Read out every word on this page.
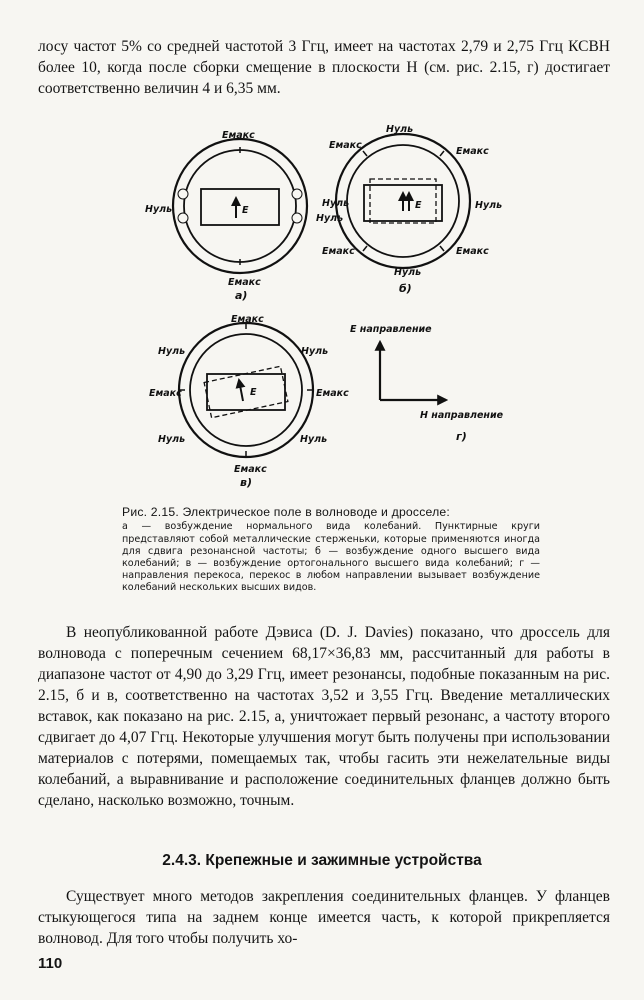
лосу частот 5% со средней частотой 3 Ггц, имеет на частотах 2,79 и 2,75 Ггц КСВН более 10, когда после сборки смещение в плоскости H (см. рис. 2.15, г) достигает соответственно величин 4 и 6,35 мм.

Eмакс
Нуль	E
Eмакс
а)
Нуль
Eмакс
Eмакс
Нуль
Нуль
Нуль
E
Eмакс	Eмакс
Нуль
б)
Eмакс
Нуль	Нуль
Eмакс	Eмакс
E
Нуль	Нуль
Eмакс
в)
E направление
H направление
г)

Рис. 2.15. Электрическое поле в волноводе и дросселе:
а — возбуждение нормального вида колебаний. Пунктирные круги представляют собой металлические стерженьки, которые применяются иногда для сдвига резонансной частоты; б — возбуждение одного высшего вида колебаний; в — возбуждение ортогонального высшего вида колебаний; г — направления перекоса, перекос в любом направлении вызывает возбуждение колебаний нескольких высших видов.

В неопубликованной работе Дэвиса (D. J. Davies) показано, что дроссель для волновода с поперечным сечением 68,17×36,83 мм, рассчитанный для работы в диапазоне частот от 4,90 до 3,29 Ггц, имеет резонансы, подобные показанным на рис. 2.15, б и в, соответственно на частотах 3,52 и 3,55 Ггц. Введение металлических вставок, как показано на рис. 2.15, а, уничтожает первый резонанс, а частоту второго сдвигает до 4,07 Ггц. Некоторые улучшения могут быть получены при использовании материалов с потерями, помещаемых так, чтобы гасить эти нежелательные виды колебаний, а выравнивание и расположение соединительных фланцев должно быть сделано, насколько возможно, точным.

2.4.3. Крепежные и зажимные устройства

Существует много методов закрепления соединительных фланцев. У фланцев стыкующегося типа на заднем конце имеется часть, к которой прикрепляется волновод. Для того чтобы получить хо-

110
